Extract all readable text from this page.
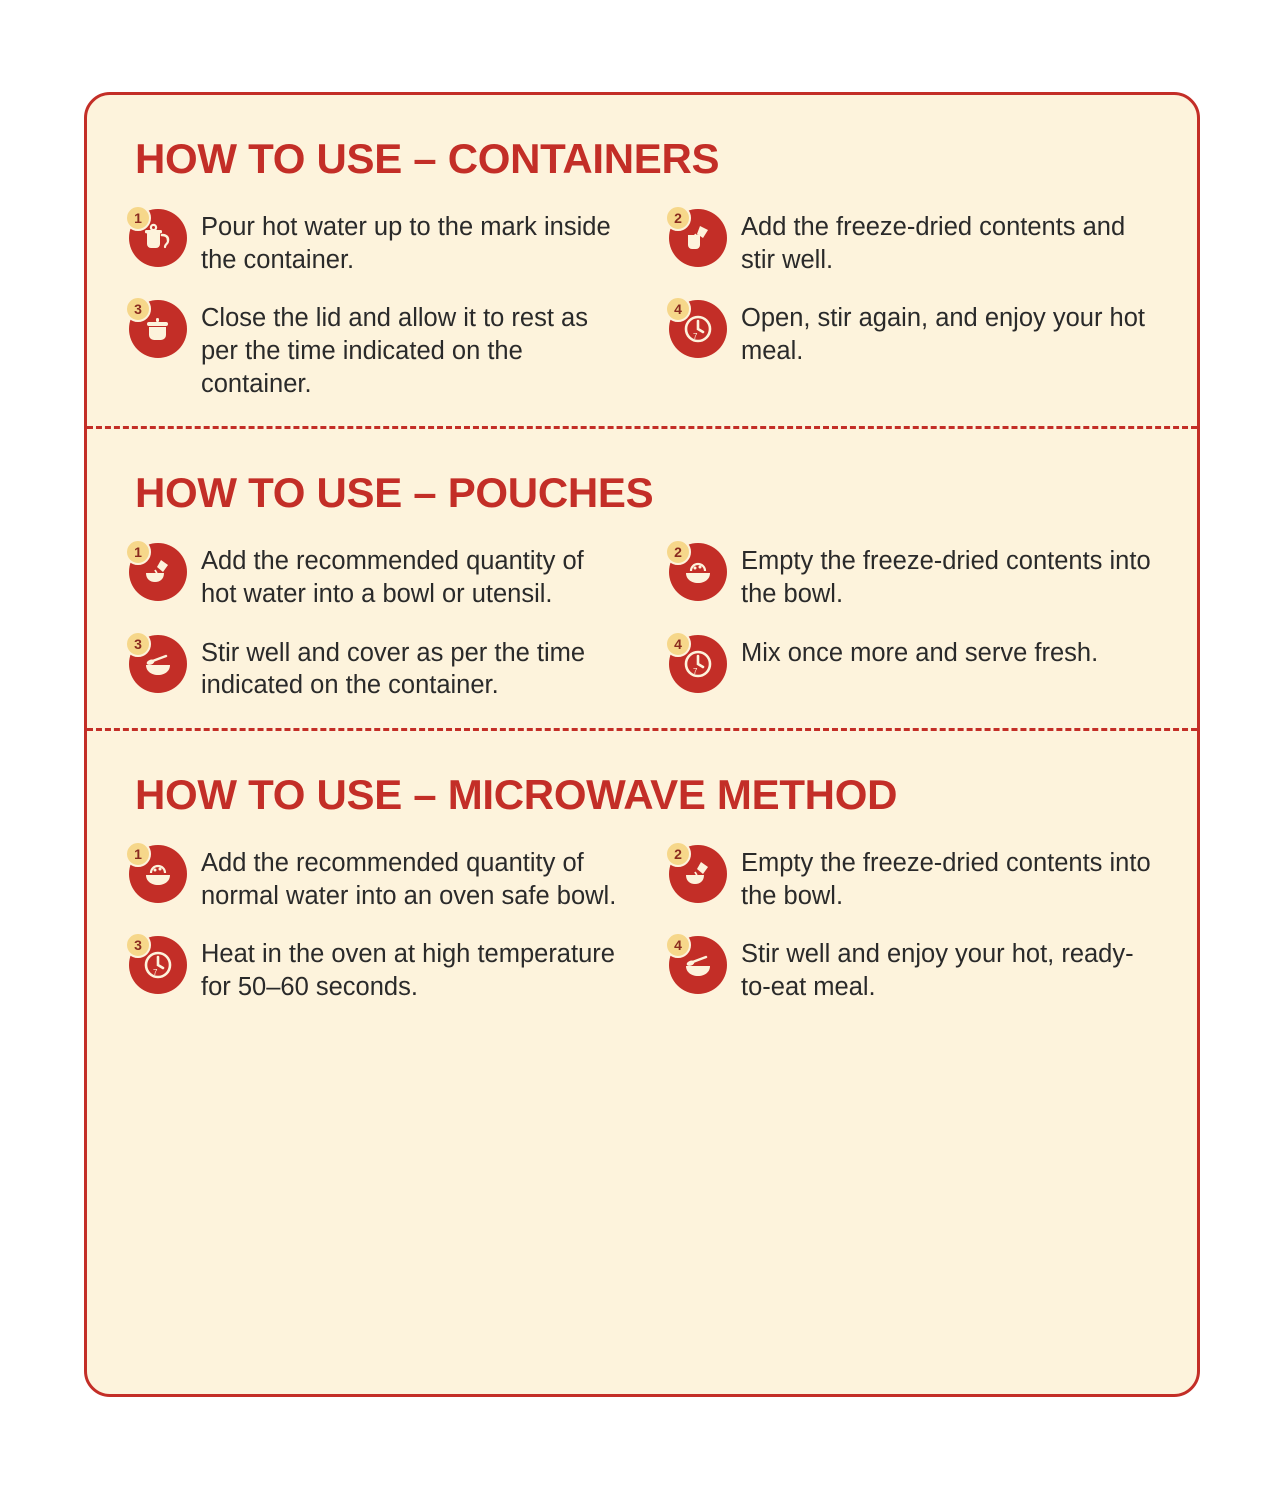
HOW TO USE – CONTAINERS
1	Pour hot water up to the mark inside the container.
2	Add the freeze-dried contents and stir well.
3	Close the lid and allow it to rest as per the time indicated on the container.
4
7
Open, stir again, and enjoy your hot meal.
HOW TO USE – POUCHES
1	Add the recommended quantity of hot water into a bowl or utensil.
2	Empty the freeze-dried contents into the bowl.
3	Stir well and cover as per the time indicated on the container.
4
7
Mix once more and serve fresh.
HOW TO USE – MICROWAVE METHOD
1	Add the recommended quantity of normal water into an oven safe bowl.
2	Empty the freeze-dried contents into the bowl.
3
7
Heat in the oven at high temperature for 50–60 seconds.
4	Stir well and enjoy your hot, ready-to-eat meal.
